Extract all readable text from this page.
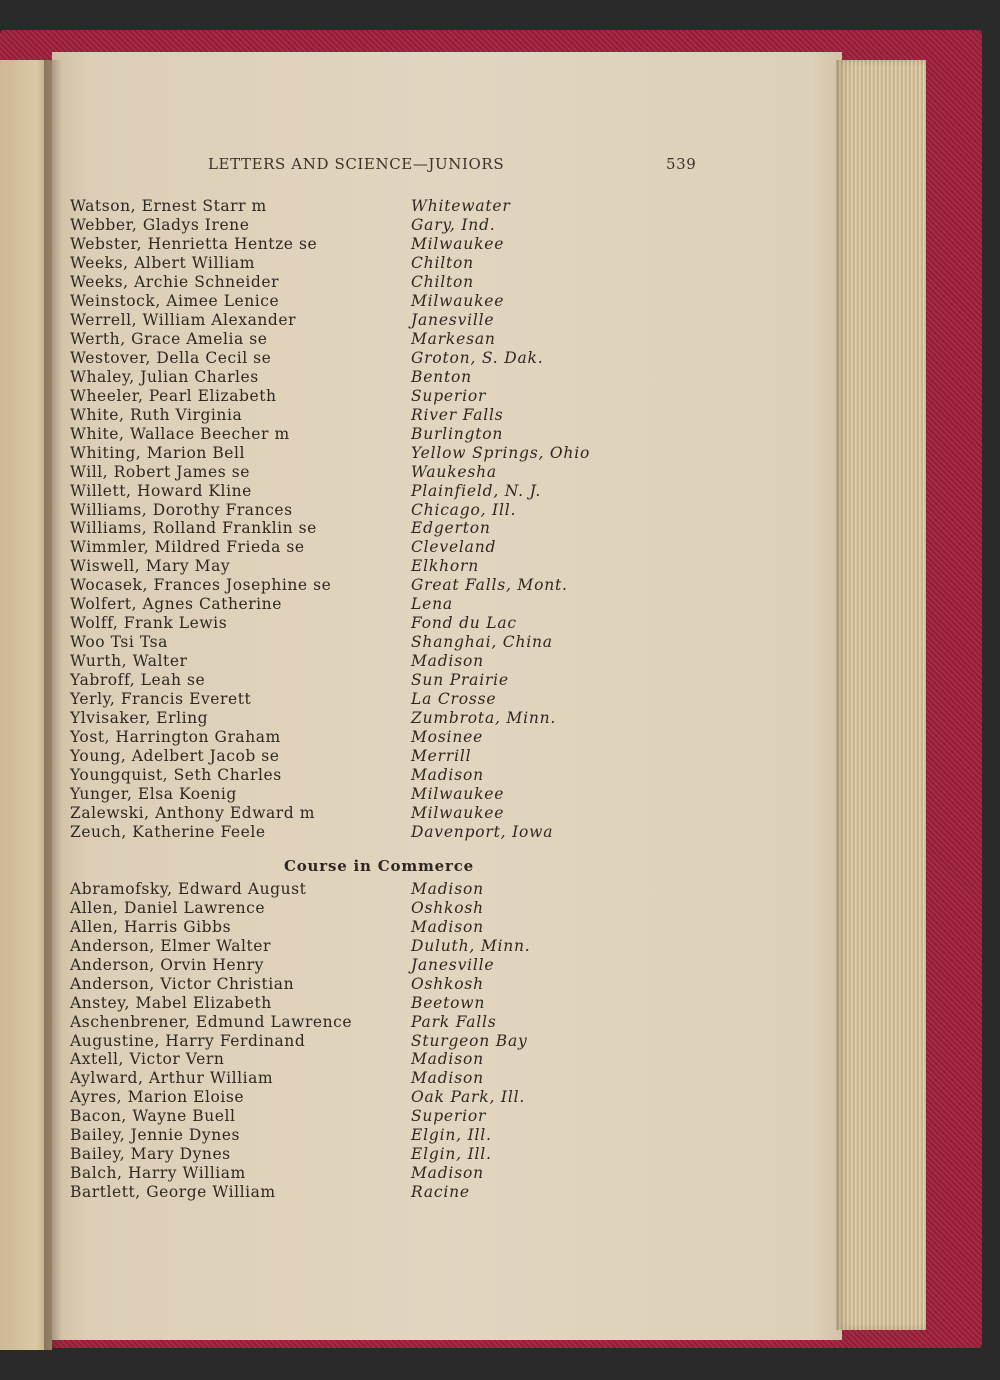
LETTERS AND SCIENCE—JUNIORS	539
Watson, Ernest Starr m	Whitewater
Webber, Gladys Irene	Gary, Ind.
Webster, Henrietta Hentze se	Milwaukee
Weeks, Albert William	Chilton
Weeks, Archie Schneider	Chilton
Weinstock, Aimee Lenice	Milwaukee
Werrell, William Alexander	Janesville
Werth, Grace Amelia se	Markesan
Westover, Della Cecil se	Groton, S. Dak.
Whaley, Julian Charles	Benton
Wheeler, Pearl Elizabeth	Superior
White, Ruth Virginia	River Falls
White, Wallace Beecher m	Burlington
Whiting, Marion Bell	Yellow Springs, Ohio
Will, Robert James se	Waukesha
Willett, Howard Kline	Plainfield, N. J.
Williams, Dorothy Frances	Chicago, Ill.
Williams, Rolland Franklin se	Edgerton
Wimmler, Mildred Frieda se	Cleveland
Wiswell, Mary May	Elkhorn
Wocasek, Frances Josephine se	Great Falls, Mont.
Wolfert, Agnes Catherine	Lena
Wolff, Frank Lewis	Fond du Lac
Woo Tsi Tsa	Shanghai, China
Wurth, Walter	Madison
Yabroff, Leah se	Sun Prairie
Yerly, Francis Everett	La Crosse
Ylvisaker, Erling	Zumbrota, Minn.
Yost, Harrington Graham	Mosinee
Young, Adelbert Jacob se	Merrill
Youngquist, Seth Charles	Madison
Yunger, Elsa Koenig	Milwaukee
Zalewski, Anthony Edward m	Milwaukee
Zeuch, Katherine Feele	Davenport, Iowa
Course in Commerce
Abramofsky, Edward August	Madison
Allen, Daniel Lawrence	Oshkosh
Allen, Harris Gibbs	Madison
Anderson, Elmer Walter	Duluth, Minn.
Anderson, Orvin Henry	Janesville
Anderson, Victor Christian	Oshkosh
Anstey, Mabel Elizabeth	Beetown
Aschenbrener, Edmund Lawrence	Park Falls
Augustine, Harry Ferdinand	Sturgeon Bay
Axtell, Victor Vern	Madison
Aylward, Arthur William	Madison
Ayres, Marion Eloise	Oak Park, Ill.
Bacon, Wayne Buell	Superior
Bailey, Jennie Dynes	Elgin, Ill.
Bailey, Mary Dynes	Elgin, Ill.
Balch, Harry William	Madison
Bartlett, George William	Racine
